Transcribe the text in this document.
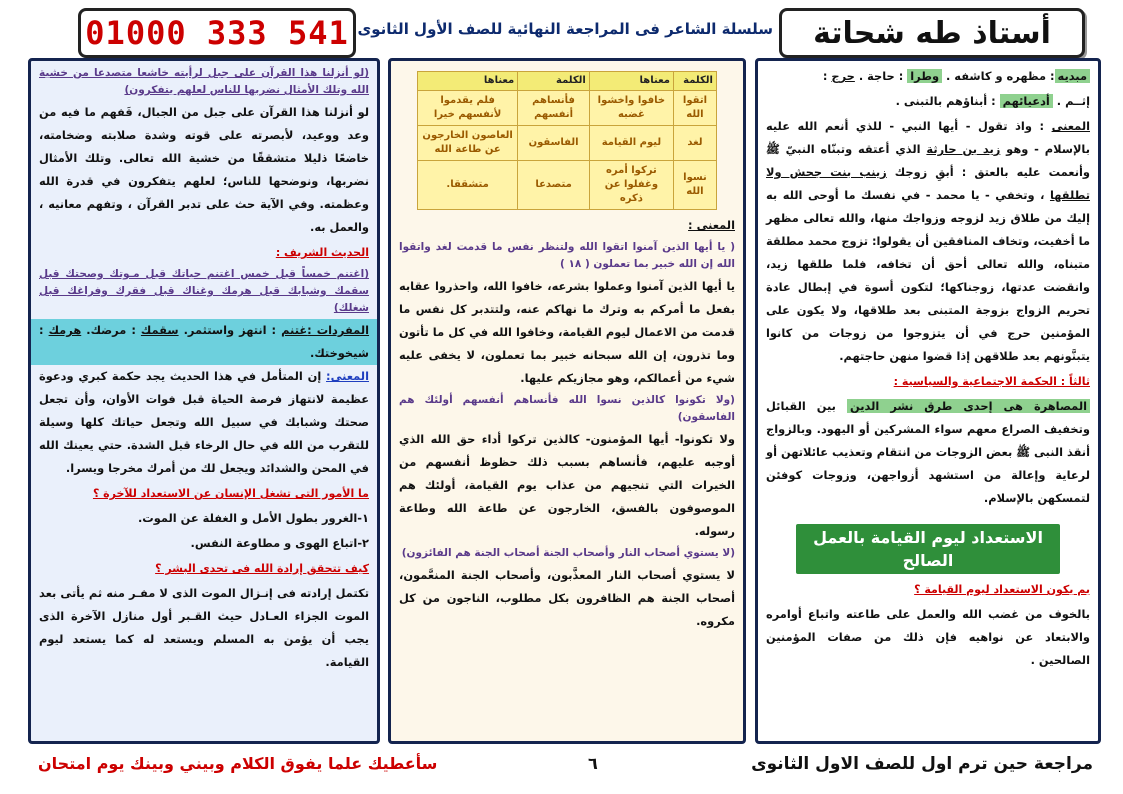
أستاذ طه شحاتة
سلسلة الشاعر فى المراجعة النهائية للصف الأول الثانوى
01000 333 541

مبديه: مظهره و كاشفه . وطرا : حاجة . حرج :

إثــم . أدعيائهم : أبناؤهم بالتبنى .

المعنى : واذ تقول - أيها النبي - للذي أنعم الله عليه بالإسلام - وهو زيد بن حارثة الذي أعتقه وتبنّاه النبيّ ﷺ وأنعمت عليه بالعتق : أبقِ زوجك زينب بنت جحش ولا تطلقها ، وتخفي - يا محمد - في نفسك ما أوحى الله به إليك من طلاق زيد لزوجه وزواجك منها، والله تعالى مظهر ما أخفيت، وتخاف المنافقين أن يقولوا: تزوج محمد مطلقة متبناه، والله تعالى أحق أن تخافه، فلما طلقها زيد، وانقضت عدتها، زوجناكها؛ لتكون أسوة في إبطال عادة تحريم الزواج بزوجة المتبنى بعد طلاقها، ولا يكون على المؤمنين حرج في أن يتزوجوا من زوجات من كانوا يتبنَّونهم بعد طلاقهن إذا قضوا منهن حاجتهم.

ثالثاً : الحكمة الاجتماعية والسياسية :

المصاهرة هى إحدى طرق نشر الدين بين القبائل وتخفيف الصراع معهم سواء المشركين أو اليهود. وبالزواج أنقذ النبى ﷺ بعض الزوجات من انتقام وتعذيب عائلاتهن أو لرعاية وإعالة من استشهد أزواجهن، وزوجات كوفئن لتمسكهن بالإسلام.

الاستعداد ليوم القيامة بالعمل الصالح

بم يكون الاستعداد ليوم القيامة ؟

بالخوف من غضب الله والعمل على طاعته واتباع أوامره والابتعاد عن نواهيه فإن ذلك من صفات المؤمنين الصالحين .

الكلمة	معناها	الكلمة	معناها
اتقوا الله	خافوا واخشوا غضبه	فأنساهم أنفسهم	فلم يقدموا لأنفسهم خيرا
لغد	ليوم القيامة	الفاسقون	العاصون الخارجون عن طاعة الله
نسوا الله	تركوا أمره وغفلوا عن ذكره	متصدعا	متشققا.

المعنى :

( يا أيها الذين آمنوا اتقوا الله ولتنظر نفس ما قدمت لغد واتقوا الله إن الله خبير بما تعملون ( ١٨ )

يا أيها الذين آمنوا وعملوا بشرعه، خافوا الله، واحذروا عقابه بفعل ما أمركم به وترك ما نهاكم عنه، ولتتدبر كل نفس ما قدمت من الاعمال ليوم القيامة، وخافوا الله في كل ما تأتون وما تذرون، إن الله سبحانه خبير بما تعملون، لا يخفى عليه شيء من أعمالكم، وهو مجازيكم عليها.

(ولا تكونوا كالذين نسوا الله فأنساهم أنفسهم أولئك هم الفاسقون)

ولا تكونوا- أيها المؤمنون- كالذين تركوا أداء حق الله الذي أوجبه عليهم، فأنساهم بسبب ذلك حظوظ أنفسهم من الخيرات التي تنجيهم من عذاب يوم القيامة، أولئك هم الموصوفون بالفسق، الخارجون عن طاعة الله وطاعة رسوله.

(لا يستوي أصحاب النار وأصحاب الجنة أصحاب الجنة هم الفائزون)

لا يستوي أصحاب النار المعذَّبون، وأصحاب الجنة المنعَّمون، أصحاب الجنة هم الظافرون بكل مطلوب، الناجون من كل مكروه.

(لو أنزلنا هذا القرآن على جبل لرأيته خاشعا متصدعا من خشية الله وتلك الأمثال نضربها للناس لعلهم يتفكرون)

لو أنزلنا هذا القرآن على جبل من الجبال، فَفهم ما فيه من وعد ووعيد، لأبصرته على قوته وشدة صلابته وضخامته، خاضعًا ذليلا متشققًا من خشية الله تعالى. وتلك الأمثال نضربها، ونوضحها للناس؛ لعلهم يتفكرون في قدرة الله وعظمته. وفي الآية حث على تدبر القرآن ، وتفهم معانيه ، والعمل به.

الحديث الشريف :

(اغتنم خمساً قبل خمس اغتنم حياتك قبل مـوتك وصحتك قبل سقمك وشبابك قبل هرمك وغناك قبل فقرك وفراغك قبل شغلك)

المفردات :غتنم : انتهز واستثمر. سقمك : مرضك. هرمك : شيخوختك.

المعنى: إن المتأمل في هذا الحديث يجد حكمة كبري ودعوة عظيمة لانتهاز فرصة الحياة قبل فوات الأوان، وأن تجعل صحتك وشبابك في سبيل الله وتجعل حياتك كلها وسيلة للتقرب من الله في حال الرخاء قبل الشدة. حتي يعينك الله في المحن والشدائد ويجعل لك من أمرك مخرجا ويسرا.

ما الأمور التى تشغل الإنسان عن الاستعداد للآخرة ؟

١-الغرور بطول الأمل و الغفلة عن الموت.

٢-اتباع الهوى و مطاوعة النفس.

كيف تتحقق إرادة الله فى تحدى البشر ؟

تكتمل إرادته فى إنـزال الموت الذى لا مفـر منه ثم يأتى بعد الموت الجزاء العـادل حيث القـبر أول منازل الآخرة الذى يجب أن يؤمن به المسلم ويستعد له كما يستعد ليوم القيامة.

مراجعة حين ترم اول للصف الاول الثانوى
٦
سأعطيك علما يفوق الكلام وبيني وبينك يوم امتحان
